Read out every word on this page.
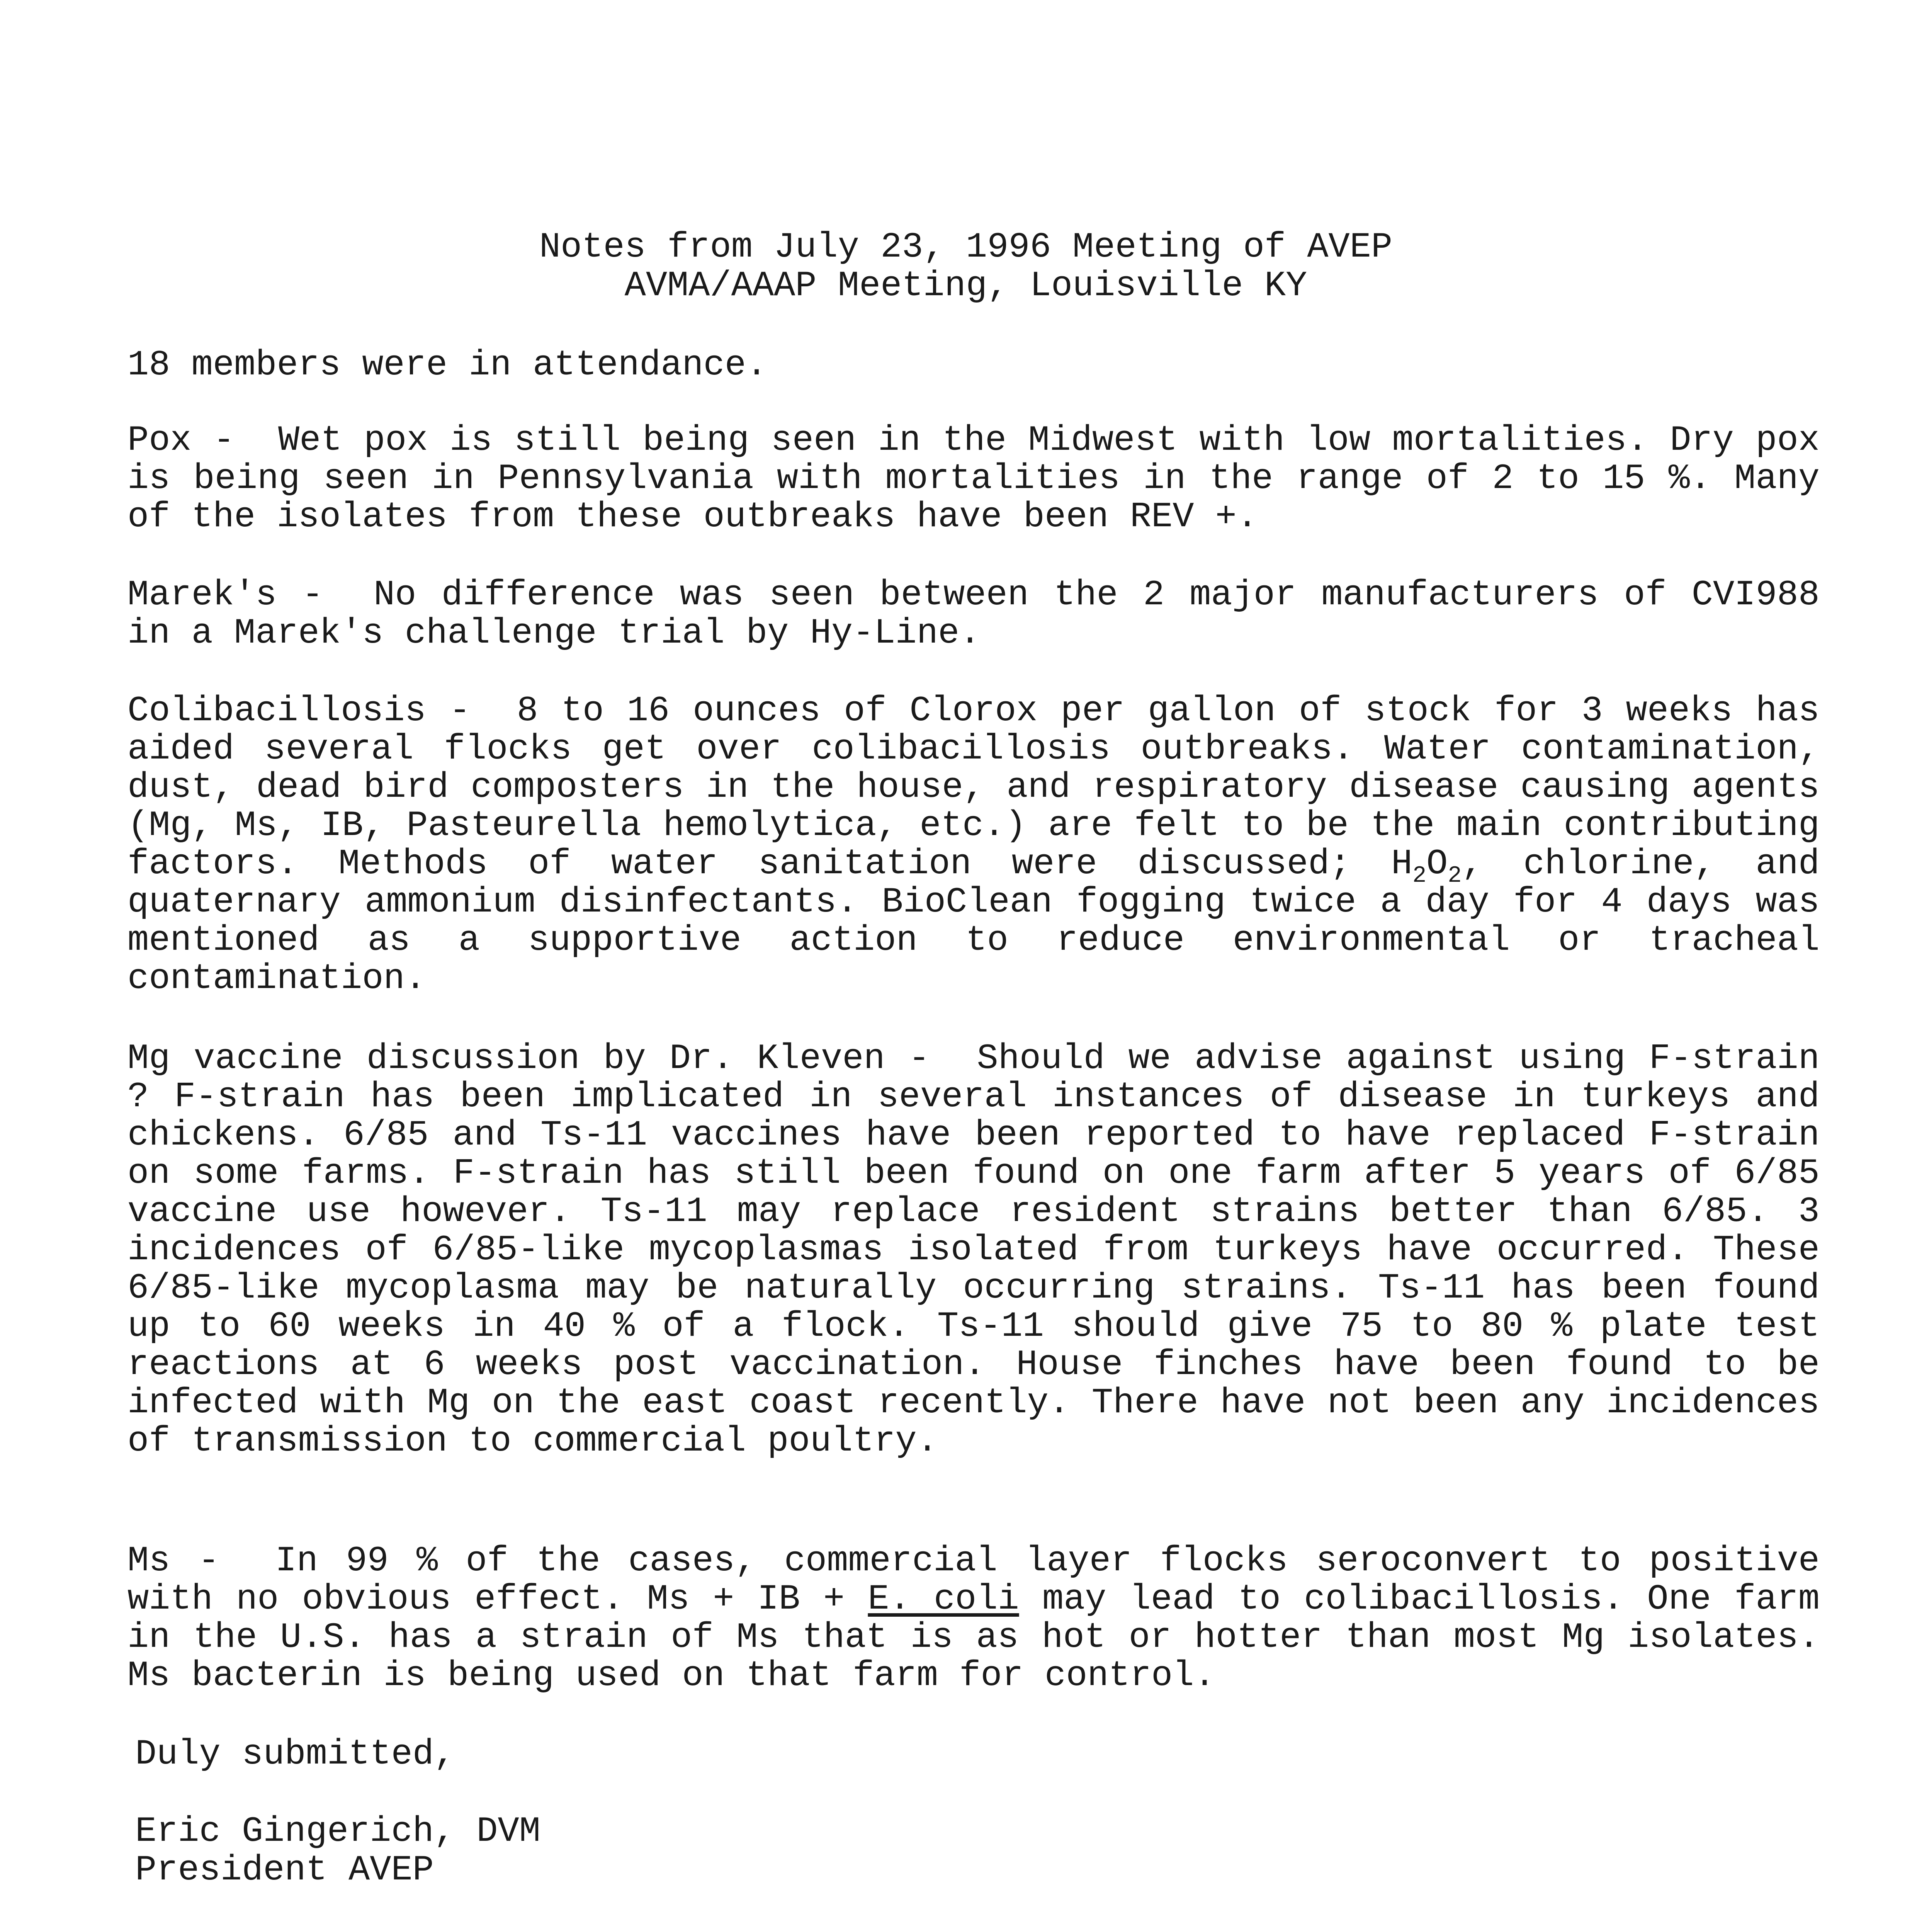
Notes from July 23, 1996 Meeting of AVEP
AVMA/AAAP Meeting, Louisville KY
18 members were in attendance.
Pox - Wet pox is still being seen in the Midwest with low mortalities. Dry pox is being seen in Pennsylvania with mortalities in the range of 2 to 15 %. Many of the isolates from these outbreaks have been REV +.
Marek's - No difference was seen between the 2 major manufacturers of CVI988 in a Marek's challenge trial by Hy-Line.
Colibacillosis - 8 to 16 ounces of Clorox per gallon of stock for 3 weeks has aided several flocks get over colibacillosis outbreaks. Water contamination, dust, dead bird composters in the house, and respiratory disease causing agents (Mg, Ms, IB, Pasteurella hemolytica, etc.) are felt to be the main contributing factors. Methods of water sanitation were discussed; $H_2O_2$, chlorine, and quaternary ammonium disinfectants. BioClean fogging twice a day for 4 days was mentioned as a supportive action to reduce environmental or tracheal contamination.
Mg vaccine discussion by Dr. Kleven - Should we advise against using F-strain ? F-strain has been implicated in several instances of disease in turkeys and chickens. 6/85 and Ts-11 vaccines have been reported to have replaced F-strain on some farms. F-strain has still been found on one farm after 5 years of 6/85 vaccine use however. Ts-11 may replace resident strains better than 6/85. 3 incidences of 6/85-like mycoplasmas isolated from turkeys have occurred. These 6/85-like mycoplasma may be naturally occurring strains. Ts-11 has been found up to 60 weeks in 40 % of a flock. Ts-11 should give 75 to 80 % plate test reactions at 6 weeks post vaccination. House finches have been found to be infected with Mg on the east coast recently. There have not been any incidences of transmission to commercial poultry.
Ms - In 99 % of the cases, commercial layer flocks seroconvert to positive with no obvious effect. Ms + IB + E. coli may lead to colibacillosis. One farm in the U.S. has a strain of Ms that is as hot or hotter than most Mg isolates. Ms bacterin is being used on that farm for control.
Duly submitted,
Eric Gingerich, DVM
President AVEP
